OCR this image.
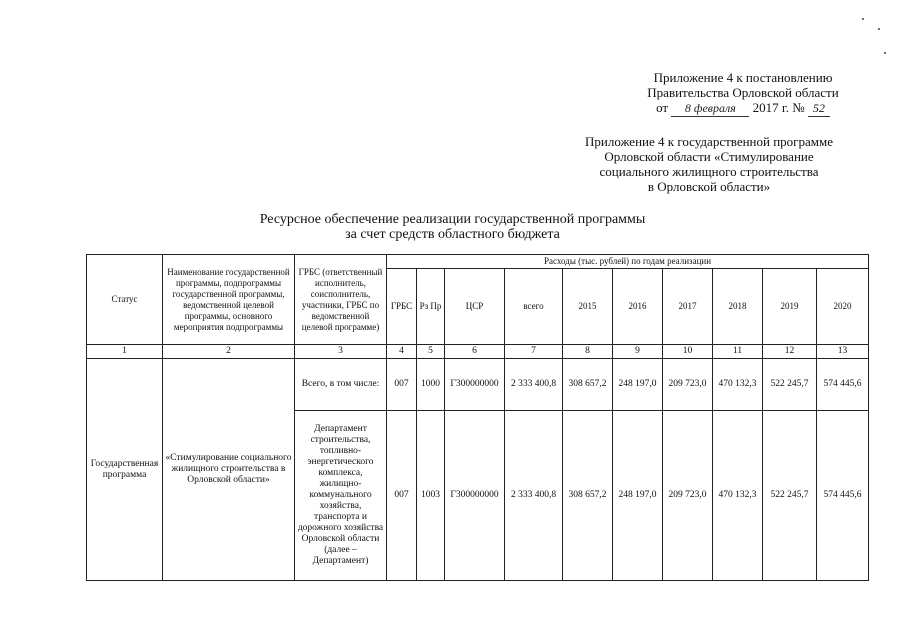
Приложение 4 к постановлению
Правительства Орловской области
от 8 февраля 2017 г. № 52
Приложение 4 к государственной программе
Орловской области «Стимулирование
социального жилищного строительства
в Орловской области»
Ресурсное обеспечение реализации государственной программы
за счет средств областного бюджета
Статус	Наименование государственной программы, подпрограммы государственной программы, ведомственной целевой программы, основного мероприятия подпрограммы	ГРБС (ответственный исполнитель, соисполнитель, участники, ГРБС по ведомственной целевой программе)	Расходы (тыс. рублей) по годам реализации									
			ГРБС	Рз Пр	ЦСР	всего	2015	2016	2017	2018	2019	2020
1	2	3	4	5	6	7	8	9	10	11	12	13
Государственная программа	«Стимулирование социального жилищного строительства в Орловской области»	Всего, в том числе:	007	1000	Г300000000	2 333 400,8	308 657,2	248 197,0	209 723,0	470 132,3	522 245,7	574 445,6
		Департамент строительства, топливно-энергетического комплекса, жилищно-коммунального хозяйства, транспорта и дорожного хозяйства Орловской области (далее – Департамент)	007	1003	Г300000000	2 333 400,8	308 657,2	248 197,0	209 723,0	470 132,3	522 245,7	574 445,6
